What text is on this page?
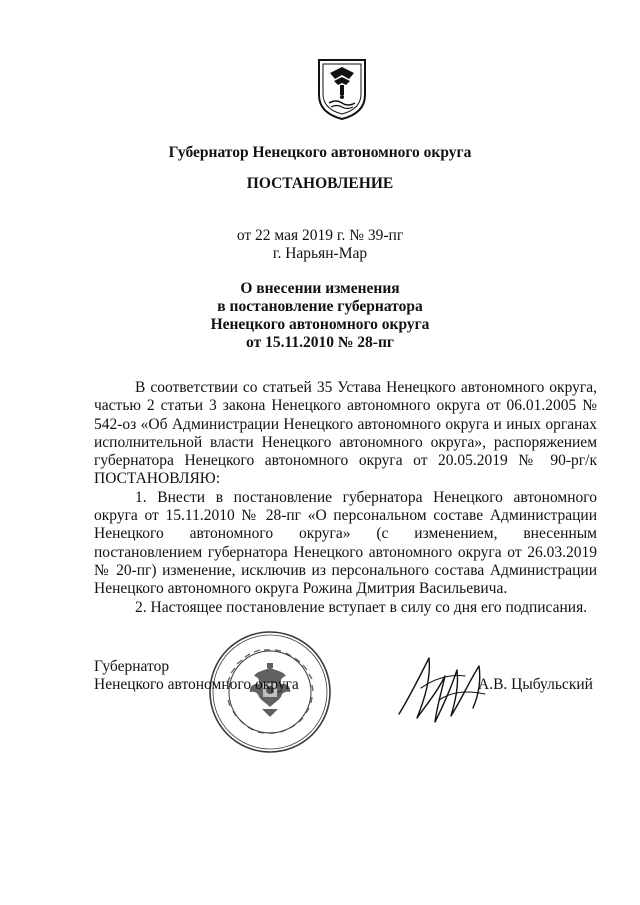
Губернатор Ненецкого автономного округа
ПОСТАНОВЛЕНИЕ
от 22 мая 2019 г. № 39-пг
г. Нарьян-Мар
О внесении изменения
в постановление губернатора
Ненецкого автономного округа
от 15.11.2010 № 28-пг

В соответствии со статьей 35 Устава Ненецкого автономного округа, частью 2 статьи 3 закона Ненецкого автономного округа от 06.01.2005 № 542-оз «Об Администрации Ненецкого автономного округа и иных органах исполнительной власти Ненецкого автономного округа», распоряжением губернатора Ненецкого автономного округа от 20.05.2019 № 90-рг/к ПОСТАНОВЛЯЮ:

1. Внести в постановление губернатора Ненецкого автономного округа от 15.11.2010 № 28-пг «О персональном составе Администрации Ненецкого автономного округа» (с изменением, внесенным постановлением губернатора Ненецкого автономного округа от 26.03.2019 № 20-пг) изменение, исключив из персонального состава Администрации Ненецкого автономного округа Рожина Дмитрия Васильевича.

2. Настоящее постановление вступает в силу со дня его подписания.

Губернатор
Ненецкого автономного округа	А.В. Цыбульский
